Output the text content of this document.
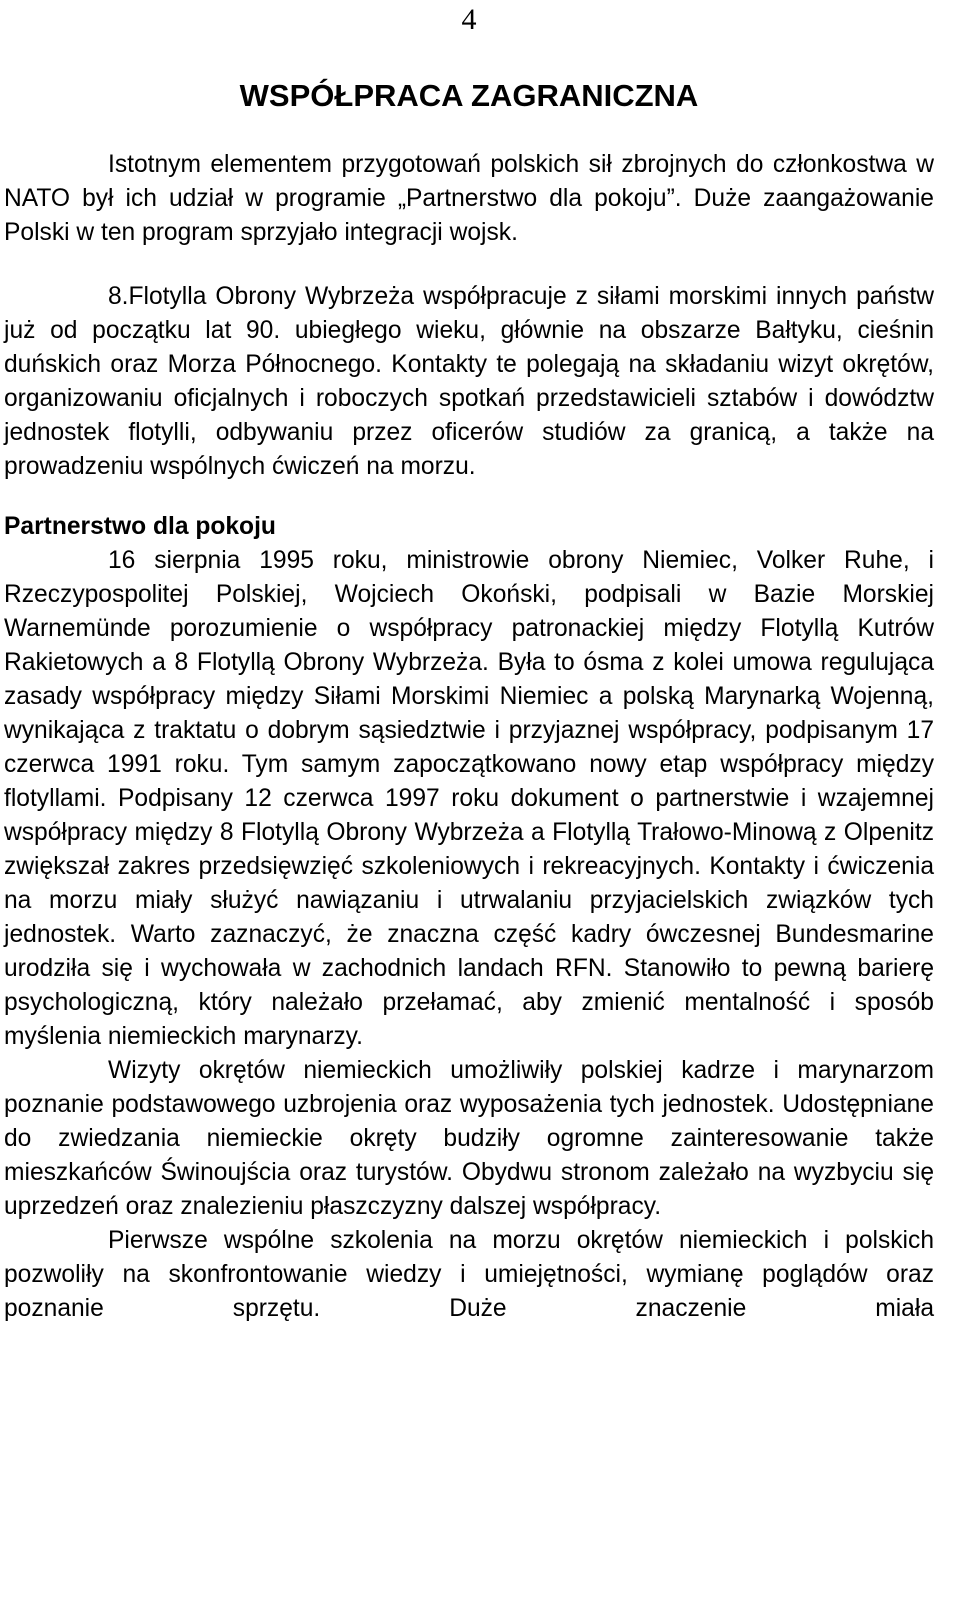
4
WSPÓŁPRACA ZAGRANICZNA

Istotnym elementem przygotowań polskich sił zbrojnych do członkostwa w NATO był ich udział w programie „Partnerstwo dla pokoju”. Duże zaangażowanie Polski w ten program sprzyjało integracji wojsk.

8.Flotylla Obrony Wybrzeża współpracuje z siłami morskimi innych państw już od początku lat 90. ubiegłego wieku, głównie na obszarze Bałtyku, cieśnin duńskich oraz Morza Północnego. Kontakty te polegają na składaniu wizyt okrętów, organizowaniu oficjalnych i roboczych spotkań przedstawicieli sztabów i dowództw jednostek flotylli, odbywaniu przez oficerów studiów za granicą, a także na prowadzeniu wspólnych ćwiczeń na morzu.

Partnerstwo dla pokoju

16 sierpnia 1995 roku, ministrowie obrony Niemiec, Volker Ruhe, i Rzeczypospolitej Polskiej, Wojciech Okoński, podpisali w Bazie Morskiej Warnemünde porozumienie o współpracy patronackiej między Flotyllą Kutrów Rakietowych a 8 Flotyllą Obrony Wybrzeża. Była to ósma z kolei umowa regulująca zasady współpracy między Siłami Morskimi Niemiec a polską Marynarką Wojenną, wynikająca z traktatu o dobrym sąsiedztwie i przyjaznej współpracy, podpisanym 17 czerwca 1991 roku. Tym samym zapoczątkowano nowy etap współpracy między flotyllami. Podpisany 12 czerwca 1997 roku dokument o partnerstwie i wzajemnej współpracy między 8 Flotyllą Obrony Wybrzeża a Flotyllą Trałowo-Minową z Olpenitz zwiększał zakres przedsięwzięć szkoleniowych i rekreacyjnych. Kontakty i ćwiczenia na morzu miały służyć nawiązaniu i utrwalaniu przyjacielskich związków tych jednostek. Warto zaznaczyć, że znaczna część kadry ówczesnej Bundesmarine urodziła się i wychowała w zachodnich landach RFN. Stanowiło to pewną barierę psychologiczną, który należało przełamać, aby zmienić mentalność i sposób myślenia niemieckich marynarzy.

Wizyty okrętów niemieckich umożliwiły polskiej kadrze i marynarzom poznanie podstawowego uzbrojenia oraz wyposażenia tych jednostek. Udostępniane do zwiedzania niemieckie okręty budziły ogromne zainteresowanie także mieszkańców Świnoujścia oraz turystów. Obydwu stronom zależało na wyzbyciu się uprzedzeń oraz znalezieniu płaszczyzny dalszej współpracy.

Pierwsze wspólne szkolenia na morzu okrętów niemieckich i polskich pozwoliły na skonfrontowanie wiedzy i umiejętności, wymianę poglądów oraz poznanie sprzętu. Duże znaczenie miała
